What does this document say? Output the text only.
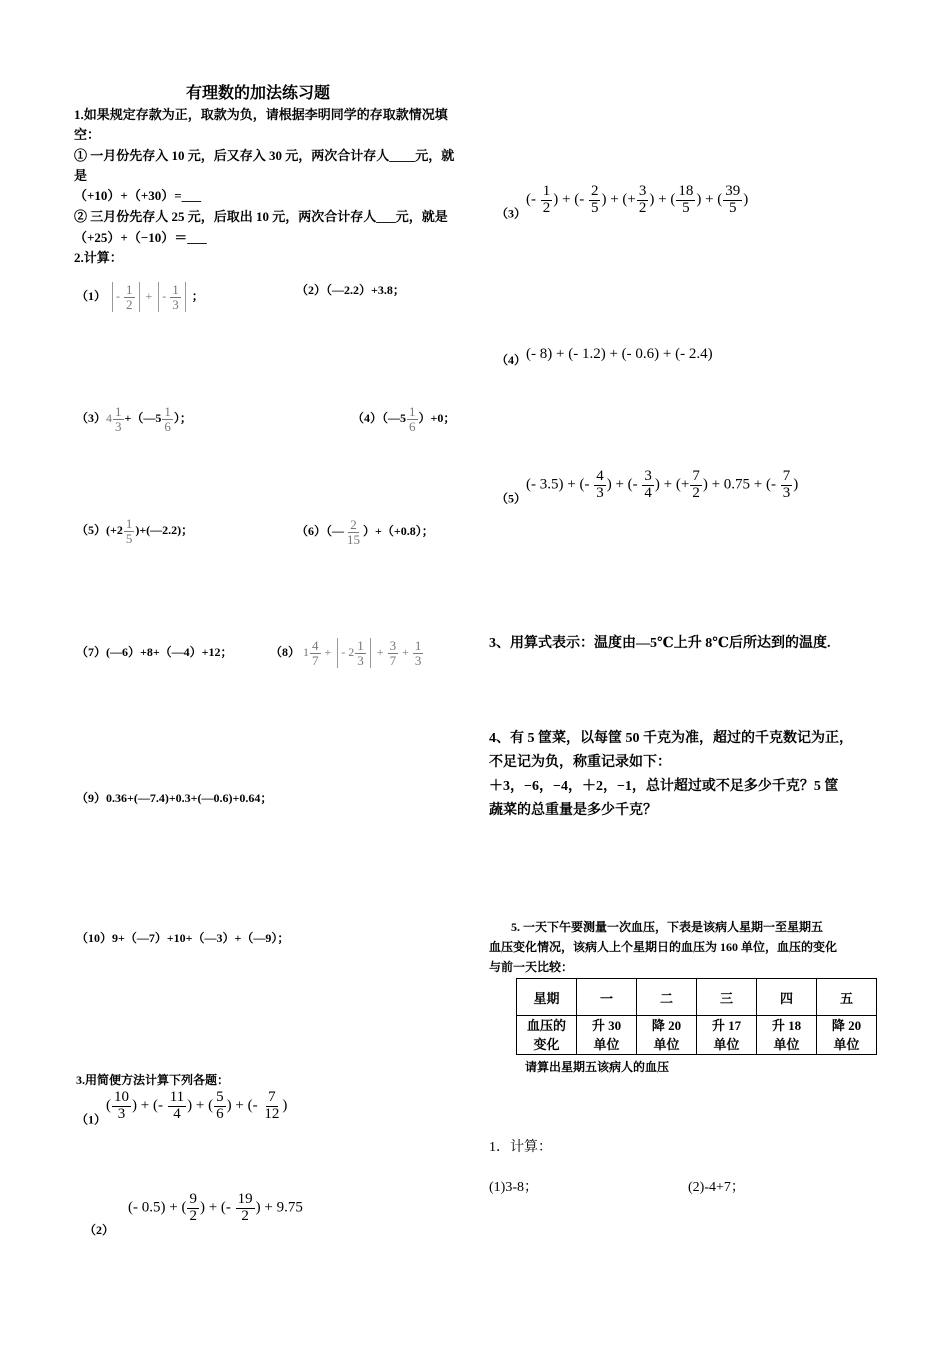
有理数的加法练习题
1.如果规定存款为正，取款为负，请根据李明同学的存取款情况填
空：
① 一月份先存入 10 元，后又存入 30 元，两次合计存人____元，就
是
（+10）+（+30）=___
② 三月份先存人 25 元，后取出 10 元，两次合计存人___元，就是
（+25）+（−10）＝___
2.计算：
$(1) - \frac{1}{2}$ + - $\frac{1}{3}$ ；	（2）（—2.2）+3.8；
$(3)4 \frac{1}{3}$ +（—5 $\frac{1}{6}$ ）；	（4）（—5 $\frac{1}{6} )+0$；
$(5)(+2 \frac{1}{5}$ )+(—2.2)；	（6）（— $\frac{2}{15} )+(+0.8)$；
（7）(—6）+8+（—4）+12；	（8） $1 \frac{4}{7}$ + - $2 \frac{1}{3} + \frac{3}{7} + \frac{1}{3}$
（9）0.36+(—7.4)+0.3+(—0.6)+0.64；
（10）9+（—7）+10+（—3）+（—9）；
3.用简便方法计算下列各题：
$_{(1)}( \frac{10}{3}$ ) + (- $\frac{11}{4}$ ) + ( $\frac{5}{6}$ ) + (- $\frac{7}{12}$ )
$_{(2)}$(- 0.5) + ( $\frac{9}{2}$ ) + (- $\frac{19}{2}$ ) + 9.75
$_{(3)}(- \frac{1}{2}$ ) + (- $\frac{2}{5}$ ) + (+ $\frac{3}{2}$ ) + ( $\frac{18}{5}$ ) + ( $\frac{39}{5}$ )
$_{(4)}$(- 8) + (- 1.2) + (- 0.6) + (- 2.4)
$_{(5)}$(- 3.5) + (- $\frac{4}{3}$ ) + (- $\frac{3}{4}$ ) + (+ $\frac{7}{2}$ ) + 0.75 + (- $\frac{7}{3}$ )
3、用算式表示：温度由—5℃上升 8℃后所达到的温度.
4、有 5 筐菜，以每筐 50 千克为准，超过的千克数记为正，
不足记为负，称重记录如下：
＋3，−6，−4，＋2，−1，总计超过或不足多少千克？5 筐
蔬菜的总重量是多少千克？
5. 一天下午要测量一次血压，下表是该病人星期一至星期五
血压变化情况，该病人上个星期日的血压为 160 单位，血压的变化
与前一天比较：
星期	一	二	三	四	五
血压的
变化	升 30
单位	降 20
单位	升 17
单位	升 18
单位	降 20
单位
请算出星期五该病人的血压
1．计算：
(1)3-8；	(2)-4+7；
